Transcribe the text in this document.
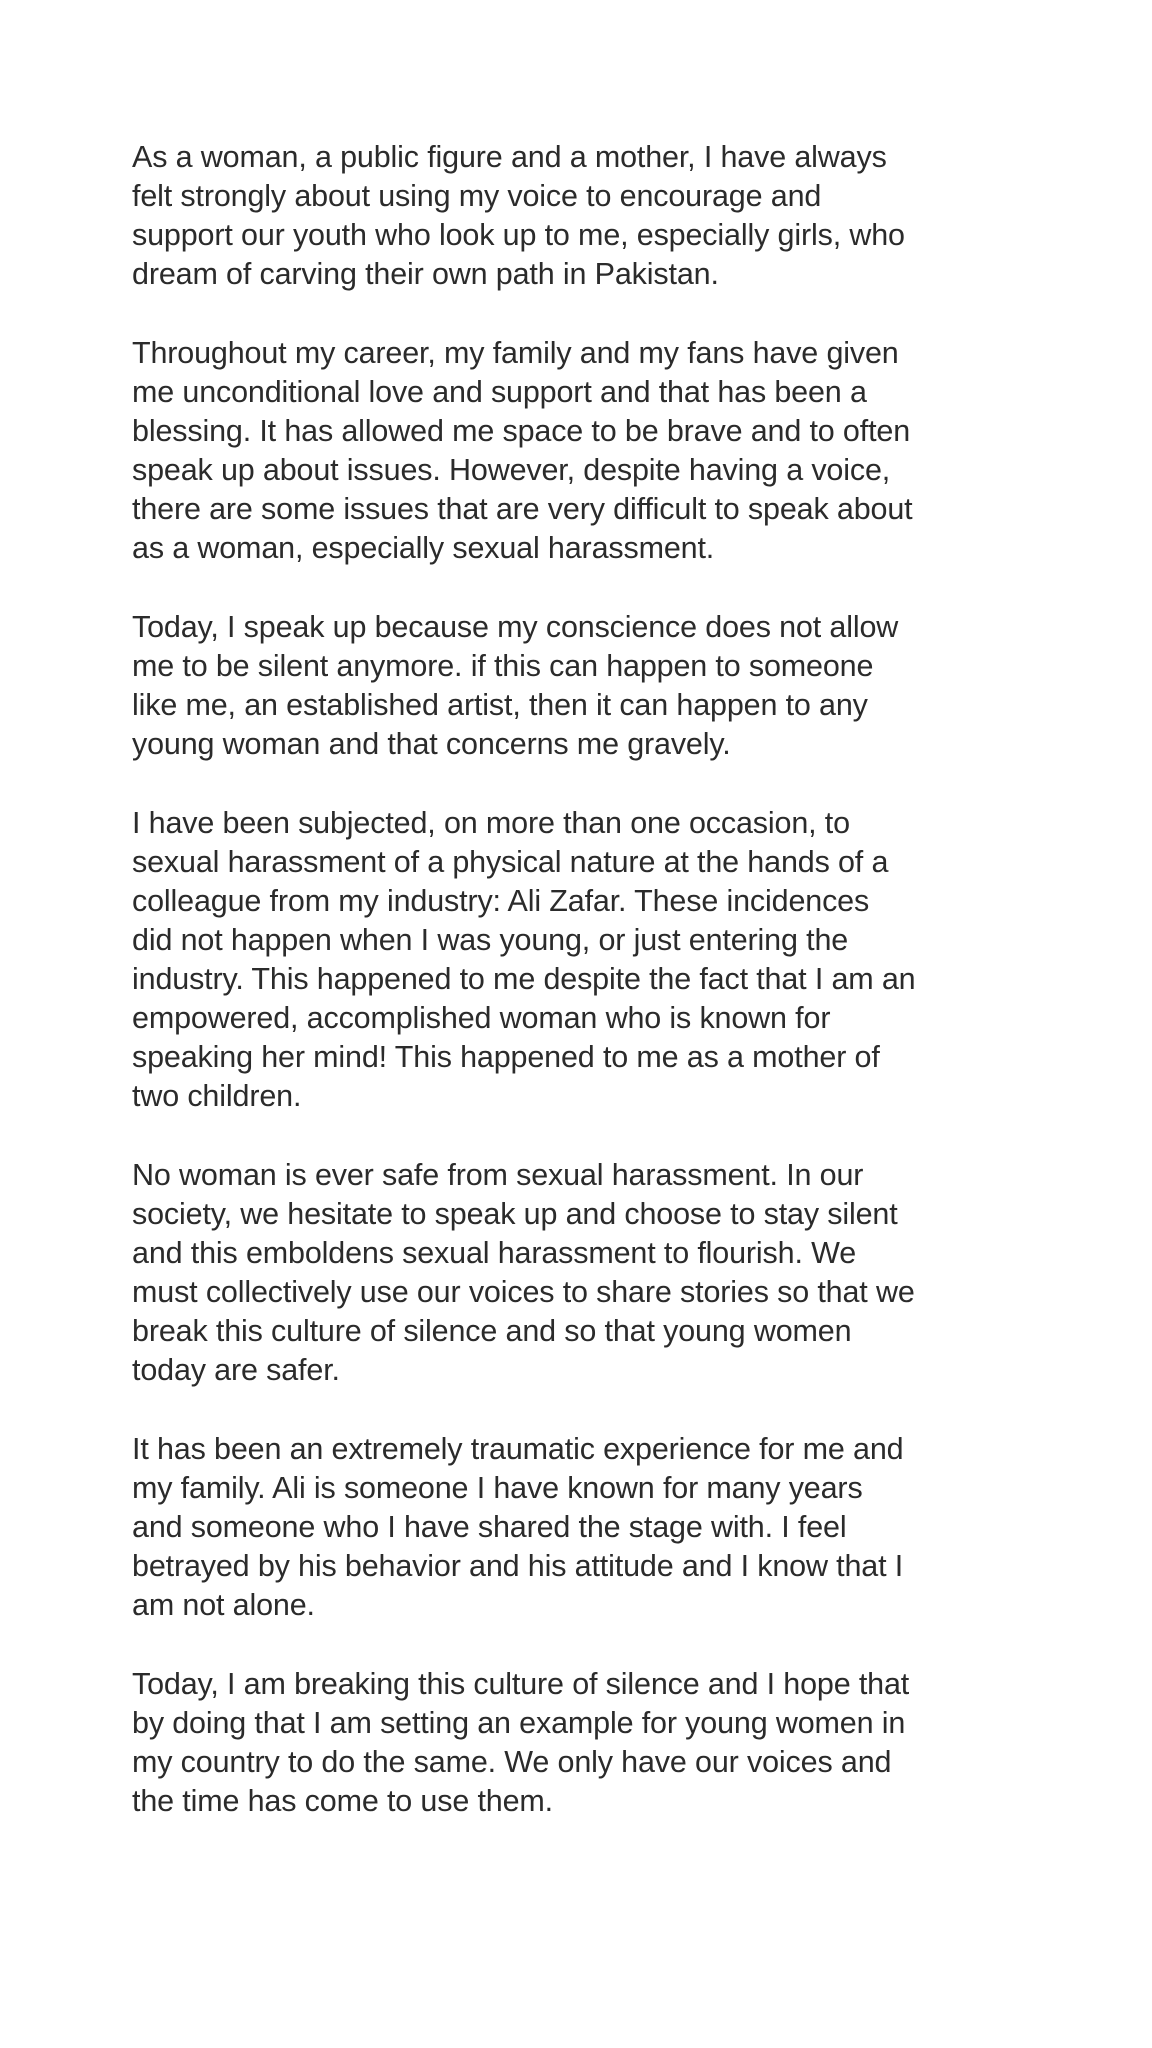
As a woman, a public figure and a mother, I have always
felt strongly about using my voice to encourage and
support our youth who look up to me, especially girls, who
dream of carving their own path in Pakistan.

Throughout my career, my family and my fans have given
me unconditional love and support and that has been a
blessing. It has allowed me space to be brave and to often
speak up about issues. However, despite having a voice,
there are some issues that are very difficult to speak about
as a woman, especially sexual harassment.

Today, I speak up because my conscience does not allow
me to be silent anymore. if this can happen to someone
like me, an established artist, then it can happen to any
young woman and that concerns me gravely.

I have been subjected, on more than one occasion, to
sexual harassment of a physical nature at the hands of a
colleague from my industry: Ali Zafar. These incidences
did not happen when I was young, or just entering the
industry. This happened to me despite the fact that I am an
empowered, accomplished woman who is known for
speaking her mind! This happened to me as a mother of
two children.

No woman is ever safe from sexual harassment. In our
society, we hesitate to speak up and choose to stay silent
and this emboldens sexual harassment to flourish. We
must collectively use our voices to share stories so that we
break this culture of silence and so that young women
today are safer.

It has been an extremely traumatic experience for me and
my family. Ali is someone I have known for many years
and someone who I have shared the stage with. I feel
betrayed by his behavior and his attitude and I know that I
am not alone.

Today, I am breaking this culture of silence and I hope that
by doing that I am setting an example for young women in
my country to do the same. We only have our voices and
the time has come to use them.
